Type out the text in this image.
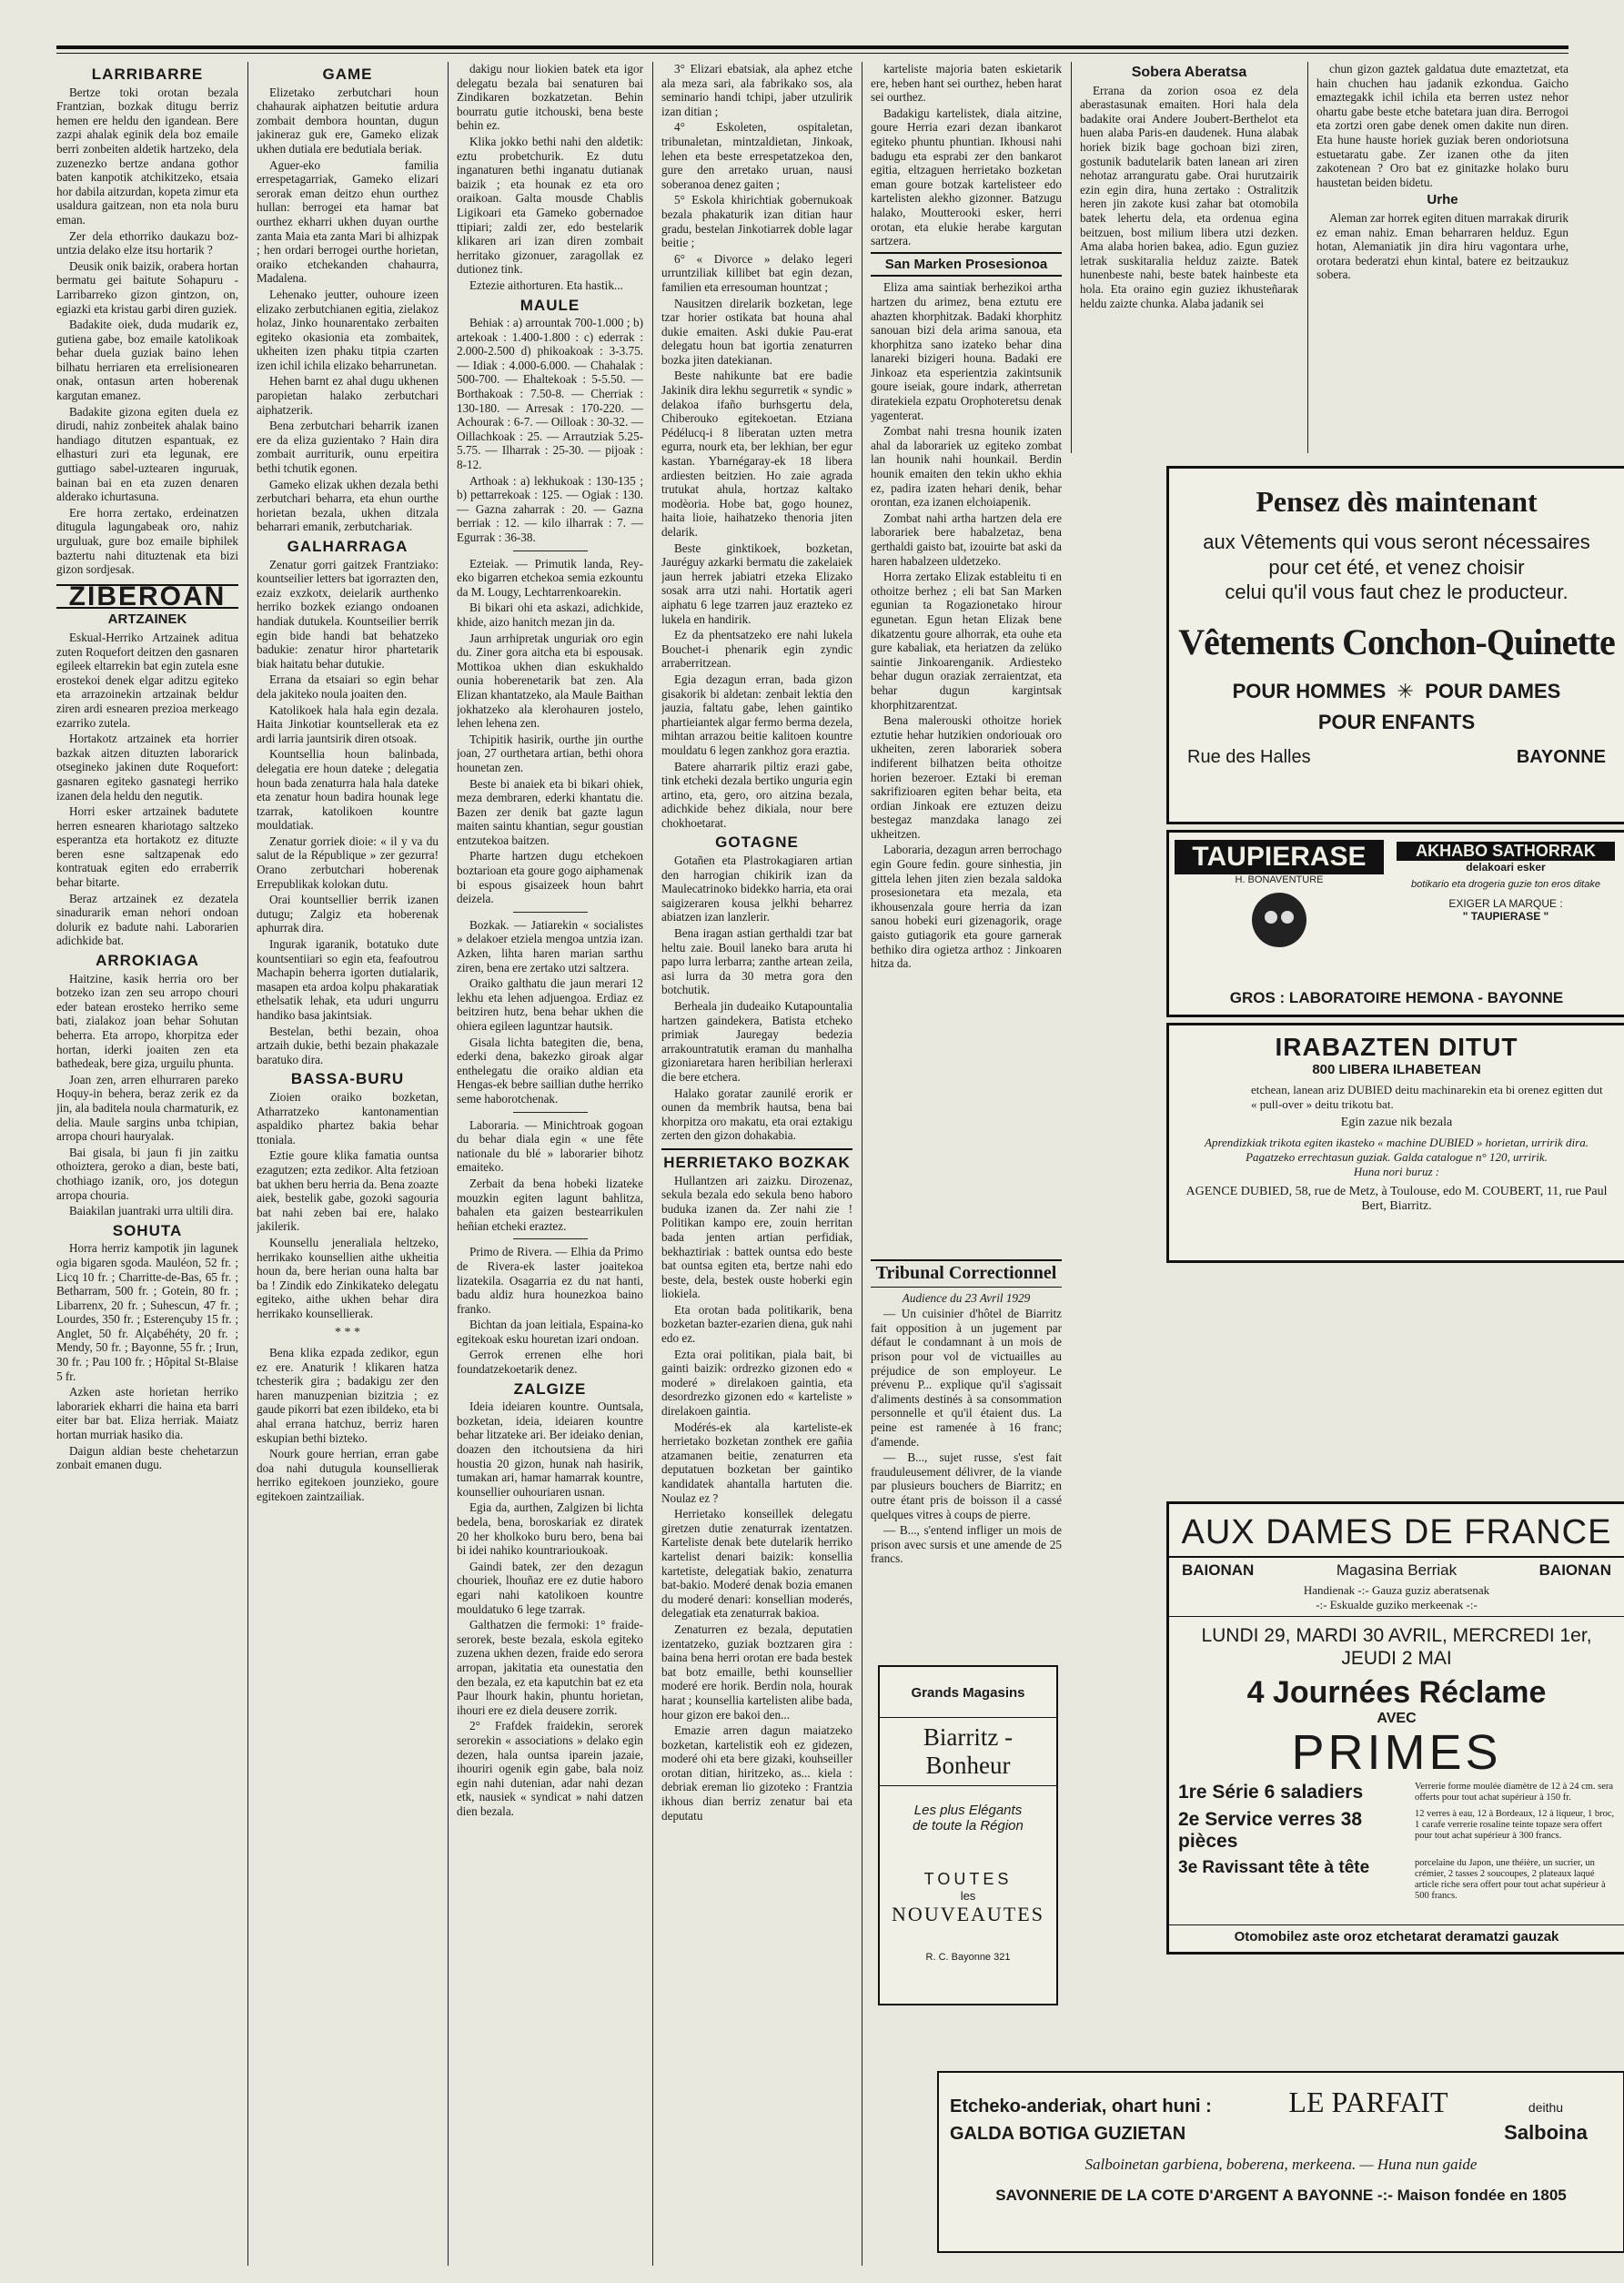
LARRIBARRE

Bertze toki orotan bezala Frantzian, bozkak ditugu berriz hemen ere heldu den igandean. Bere zazpi ahalak eginik dela boz emaile berri zonbeiten aldetik hartzeko, dela zuzenezko bertze andana gothor baten kanpotik atchikitzeko, etsaia hor dabila aitzurdan, kopeta zimur eta usaldura gaitzean, non eta nola buru eman.

Zer dela ethorriko daukazu boz-untzia delako elze itsu hortarik ?

Deusik onik baizik, orabera hortan bermatu gei baitute Sohapuru - Larribarreko gizon gintzon, on, egiazki eta kristau garbi diren guziek.

Badakite oiek, duda mudarik ez, gutiena gabe, boz emaile katolikoak behar duela guziak baino lehen bilhatu herriaren eta errelisionearen onak, ontasun arten hoberenak kargutan emanez.

Badakite gizona egiten duela ez dirudi, nahiz zonbeitek ahalak baino handiago ditutzen espantuak, ez elhasturi zuri eta legunak, ere guttiago sabel-uztearen inguruak, bainan bai en eta zuzen denaren alderako ichurtasuna.

Ere horra zertako, erdeinatzen ditugula lagungabeak oro, nahiz urguluak, gure boz emaile biphilek baztertu nahi dituztenak eta bizi gizon sordjesak.

ZIBEROAN
ARTZAINEK

Eskual-Herriko Artzainek aditua zuten Roquefort deitzen den gasnaren egileek eltarrekin bat egin zutela esne erostekoi denek elgar aditzu egiteko eta arrazoinekin artzainak beldur ziren ardi esnearen prezioa merkeago ezarriko zutela.

Hortakotz artzainek eta horrier bazkak aitzen dituzten laborarick otsegineko jakinen dute Roquefort: gasnaren egiteko gasnategi herriko izanen dela heldu den negutik.

Horri esker artzainek badutete herren esnearen khariotago saltzeko esperantza eta hortakotz ez dituzte beren esne saltzapenak edo kontratuak egiten edo erraberrik behar bitarte.

Beraz artzainek ez dezatela sinadurarik eman nehori ondoan dolurik ez badute nahi. Laborarien adichkide bat.

ARROKIAGA

Haitzine, kasik herria oro ber botzeko izan zen seu arropo chouri eder batean erosteko herriko seme bati, zialakoz joan behar Sohutan beherra. Eta arropo, khorpitza eder hortan, iderki joaiten zen eta bathedeak, bere giza, urguilu phunta.

Joan zen, arren elhurraren pareko Hoquy-in behera, beraz zerik ez da jin, ala baditela noula charmaturik, ez delia. Maule sargins unba tchipian, arropa chouri hauryalak.

Bai gisala, bi jaun fi jin zaitku othoiztera, geroko a dian, beste bati, chothiago izanik, oro, jos dotegun arropa chouria.

Baiakilan juantraki urra ultili dira.

SOHUTA

Horra herriz kampotik jin lagunek ogia bigaren sgoda. Mauléon, 52 fr. ; Licq 10 fr. ; Charritte-de-Bas, 65 fr. ; Betharram, 500 fr. ; Gotein, 80 fr. ; Libarrenx, 20 fr. ; Suhescun, 47 fr. ; Lourdes, 350 fr. ; Esterençuby 15 fr. ; Anglet, 50 fr. Alçabéhéty, 20 fr. ; Mendy, 50 fr. ; Bayonne, 55 fr. ; Irun, 30 fr. ; Pau 100 fr. ; Hôpital St-Blaise 5 fr.

Azken aste horietan herriko laborariek ekharri die haina eta barri eiter bar bat. Eliza herriak. Maiatz hortan murriak hasiko dia.

Daigun aldian beste chehetarzun zonbait emanen dugu.

GAME

Elizetako zerbutchari houn chahaurak aiphatzen beitutie ardura zombait dembora hountan, dugun jakineraz guk ere, Gameko elizak ukhen dutiala ere bedutiala beriak.

Aguer-eko familia errespetagarriak, Gameko elizari serorak eman deitzo ehun ourthez hullan: berrogei eta hamar bat ourthez ekharri ukhen duyan ourthe zanta Maia eta zanta Mari bi alhizpak ; hen ordari berrogei ourthe horietan, oraiko etchekanden chahaurra, Madalena.

Lehenako jeutter, ouhoure izeen elizako zerbutchianen egitia, zielakoz holaz, Jinko hounarentako zerbaiten egiteko okasionia eta zombaitek, ukheiten izen phaku titpia czarten izen ichil ichila elizako beharrunetan.

Hehen barnt ez ahal dugu ukhenen paropietan halako zerbutchari aiphatzerik.

Bena zerbutchari beharrik izanen ere da eliza guzientako ? Hain dira zombait aurriturik, ounu erpeitira bethi tchutik egonen.

Gameko elizak ukhen dezala bethi zerbutchari beharra, eta ehun ourthe horietan bezala, ukhen ditzala beharrari emanik, zerbutchariak.

GALHARRAGA

Zenatur gorri gaitzek Frantziako: kountseilier letters bat igorrazten den, ezaiz exzkotx, deielarik aurthenko herriko bozkek eziango ondoanen handiak dutukela. Kountseilier berrik egin bide handi bat behatzeko badukie: zenatur hiror phartetarik biak haitatu behar dutukie.

Errana da etsaiari so egin behar dela jakiteko noula joaiten den.

Katolikoek hala hala egin dezala. Haita Jinkotiar kountsellerak eta ez ardi larria jauntsirik diren otsoak.

Kountsellia houn balinbada, delegatia ere houn dateke ; delegatia houn bada zenaturra hala hala dateke eta zenatur houn badira hounak lege tzarrak, katolikoen kountre mouldatiak.

Zenatur gorriek dioie: « il y va du salut de la République » zer gezurra! Orano zerbutchari hoberenak Errepublikak kolokan dutu.

Orai kountsellier berrik izanen dutugu; Zalgiz eta hoberenak aphurrak dira.

Ingurak igaranik, botatuko dute kountsentiiari so egin eta, feafoutrou Machapin beherra igorten dutialarik, masapen eta ardoa kolpu phakaratiak ethelsatik lehak, eta uduri ungurru handiko basa jakintsiak.

Bestelan, bethi bezain, ohoa artzaih dukie, bethi bezain phakazale baratuko dira.

BASSA-BURU

Zioien oraiko bozketan, Atharratzeko kantonamentian aspaldiko phartez bakia behar ttoniala.

Eztie goure klika famatia ountsa ezagutzen; ezta zedikor. Alta fetzioan bat ukhen beru herria da. Bena zoazte aiek, bestelik gabe, gozoki sagouria bat nahi zeben bai ere, halako jakilerik.

Kounsellu jeneraliala heltzeko, herrikako kounsellien aithe ukheitia houn da, bere herian ouna halta bar ba ! Zindik edo Zinkikateko delegatu egiteko, aithe ukhen behar dira herrikako kounsellierak.

* * *

Bena klika ezpada zedikor, egun ez ere. Anaturik ! klikaren hatza tchesterik gira ; badakigu zer den haren manuzpenian bizitzia ; ez gaude pikorri bat ezen ibildeko, eta bi ahal errana hatchuz, berriz haren eskupian bethi bizteko.

Nourk goure herrian, erran gabe doa nahi dutugula kounsellierak herriko egitekoen jounzieko, goure egitekoen zaintzailiak.

dakigu nour liokien batek eta igor delegatu bezala bai senaturen bai Zindikaren bozkatzetan. Behin bourratu gutie itchouski, bena beste behin ez.

Klika jokko bethi nahi den aldetik: eztu probetchurik. Ez dutu inganaturen bethi inganatu dutianak baizik ; eta hounak ez eta oro oraikoan. Galta mousde Chablis Ligikoari eta Gameko gobernadoe ttipiari; zaldi zer, edo bestelarik klikaren ari izan diren zombait herritako gizonuer, zaragollak ez dutionez tink.

Eztezie aithorturen. Eta hastik...

MAULE

Behiak : a) arrountak 700-1.000 ; b) artekoak : 1.400-1.800 : c) ederrak : 2.000-2.500 d) phikoakoak : 3-3.75. — Idiak : 4.000-6.000. — Chahalak : 500-700. — Ehaltekoak : 5-5.50. — Borthakoak : 7.50-8. — Cherriak : 130-180. — Arresak : 170-220. — Achourak : 6-7. — Oilloak : 30-32. — Oillachkoak : 25. — Arrautziak 5.25-5.75. — Ilharrak : 25-30. — pijoak : 8-12.

Arthoak : a) lekhukoak : 130-135 ; b) pettarrekoak : 125. — Ogiak : 130. — Gazna zaharrak : 20. — Gazna berriak : 12. — kilo ilharrak : 7. — Egurrak : 36-38.

Ezteiak. — Primutik landa, Rey-eko bigarren etchekoa semia ezkountu da M. Lougy, Lechtarrenkoarekin.

Bi bikari ohi eta askazi, adichkide, khide, aizo hanitch mezan jin da.

Jaun arrhipretak unguriak oro egin du. Ziner gora aitcha eta bi espousak. Mottikoa ukhen dian eskukhaldo ounia hoberenetarik bat zen. Ala Elizan khantatzeko, ala Maule Baithan jokhatzeko ala klerohauren jostelo, lehen lehena zen.

Tchipitik hasirik, ourthe jin ourthe joan, 27 ourthetara artian, bethi ohora hounetan zen.

Beste bi anaiek eta bi bikari ohiek, meza dembraren, ederki khantatu die. Bazen zer denik bat gazte lagun maiten saintu khantian, segur goustian entzutekoa baitzen.

Pharte hartzen dugu etchekoen boztarioan eta goure gogo aiphamenak bi espous gisaizeek houn bahrt deizela.

Bozkak. — Jatiarekin « socialistes » delakoer etziela mengoa untzia izan. Azken, lihta haren marian sarthu ziren, bena ere zertako utzi saltzera.

Oraiko galthatu die jaun merari 12 lekhu eta lehen adjuengoa. Erdiaz ez beitziren hutz, bena behar ukhen die ohiera egileen laguntzar hautsik.

Gisala lichta bategiten die, bena, ederki dena, bakezko giroak algar enthelegatu die oraiko aldian eta Hengas-ek bebre saillian duthe herriko seme haborotchenak.

Laboraria. — Minichtroak gogoan du behar diala egin « une fête nationale du blé » laborarier bihotz emaiteko.

Zerbait da bena hobeki lizateke mouzkin egiten lagunt bahlitza, bahalen eta gaizen bestearrikulen heñian etcheki eraztez.

Primo de Rivera. — Elhia da Primo de Rivera-ek laster joaitekoa lizatekila. Osagarria ez du nat hanti, badu aldiz hura hounezkoa baino franko.

Bichtan da joan leitiala, Espaina-ko egitekoak esku houretan izari ondoan.

Gerrok errenen elhe hori foundatzekoetarik denez.

ZALGIZE

Ideia ideiaren kountre. Ountsala, bozketan, ideia, ideiaren kountre behar litzateke ari. Ber ideiako denian, doazen den itchoutsiena da hiri houstia 20 gizon, hunak nah hasirik, tumakan ari, hamar hamarrak kountre, kounsellier ouhouriaren usnan.

Egia da, aurthen, Zalgizen bi lichta bedela, bena, boroskariak ez diratek 20 her kholkoko buru bero, bena bai bi idei nahiko kountrarioukoak.

Gaindi batek, zer den dezagun chouriek, lhouñaz ere ez dutie haboro egari nahi katolikoen kountre mouldatuko 6 lege tzarrak.

Galthatzen die fermoki: 1° fraide-serorek, beste bezala, eskola egiteko zuzena ukhen dezen, fraide edo serora arropan, jakitatia eta ounestatia den den bezala, ez eta kaputchin bat ez eta Paur lhourk hakin, phuntu horietan, ihouri ere ez diela deusere zorrik.

2° Frafdek fraidekin, serorek serorekin « associations » delako egin dezen, hala ountsa iparein jazaie, ihouriri ogenik egin gabe, bala noiz egin nahi dutenian, adar nahi dezan etk, nausiek « syndicat » nahi datzen dien bezala.

3° Elizari ebatsiak, ala aphez etche ala meza sari, ala fabrikako sos, ala seminario handi tchipi, jaber utzulirik izan ditian ;

4° Eskoleten, ospitaletan, tribunaletan, mintzaldietan, Jinkoak, lehen eta beste errespetatzekoa den, gure den arretako uruan, nausi soberanoa denez gaiten ;

5° Eskola khirichtiak gobernukoak bezala phakaturik izan ditian haur gradu, bestelan Jinkotiarrek doble lagar beitie ;

6° « Divorce » delako legeri urruntziliak killibet bat egin dezan, familien eta erresouman hountzat ;

Nausitzen direlarik bozketan, lege tzar horier ostikata bat houna ahal dukie emaiten. Aski dukie Pau-erat delegatu houn bat igortia zenaturren bozka jiten datekianan.

Beste nahikunte bat ere badie Jakinik dira lekhu segurretik « syndic » delakoa ifaño burhsgertu dela, Chiberouko egitekoetan. Etziana Pédélucq-i 8 liberatan uzten metra egurra, nourk eta, ber lekhian, ber egur kastan. Ybarnégaray-ek 18 libera ardiesten beitzien. Ho zaie agrada trutukat ahula, hortzaz kaltako modèoria. Hobe bat, gogo hounez, haita lioie, haihatzeko thenoria jiten delarik.

Beste ginktikoek, bozketan, Jauréguy azkarki bermatu die zakelaiek jaun herrek jabiatri etzeka Elizako sosak arra utzi nahi. Hortatik ageri aiphatu 6 lege tzarren jauz erazteko ez lukela en handirik.

Ez da phentsatzeko ere nahi lukela Bouchet-i phenarik egin zyndic arraberritzean.

Egia dezagun erran, bada gizon gisakorik bi aldetan: zenbait lektia den jauzia, faltatu gabe, lehen gaintiko phartieiantek algar fermo berma dezela, mihtan arrazou beitie kalitoen kountre mouldatu 6 legen zankhoz gora eraztia.

Batere aharrarik piltiz erazi gabe, tink etcheki dezala bertiko unguria egin artino, eta, gero, oro aitzina bezala, adichkide behez dikiala, nour bere chokhoetarat.

GOTAGNE

Gotañen eta Plastrokagiaren artian den harrogian chikirik izan da Maulecatrinoko bidekko harria, eta orai saigizeraren kousa jelkhi beharrez abiatzen izan lanzlerir.

Bena iragan astian gerthaldi tzar bat heltu zaie. Bouil laneko bara aruta hi papo lurra lerbarra; zanthe artean zeila, asi lurra da 30 metra gora den botchutik.

Berheala jin dudeaiko Kutapountalia hartzen gaindekera, Batista etcheko primiak Jauregay bedezia arrakountratutik eraman du manhalha gizoniaretara haren heribilian herleraxi die bere etchera.

Halako goratar zaunilé erorik er ounen da membrik hautsa, bena bai khorpitza oro makatu, eta orai eztakigu zerten den gizon dohakabia.

HERRIETAKO BOZKAK

Hullantzen ari zaizku. Dirozenaz, sekula bezala edo sekula beno haboro buduka izanen da. Zer nahi zie ! Politikan kampo ere, zouin herritan bada jenten artian perfidiak, bekhaztiriak : battek ountsa edo beste bat ountsa egiten eta, bertze nahi edo beste, dela, bestek ouste hoberki egin liokiela.

Eta orotan bada politikarik, bena bozketan bazter-ezarien diena, guk nahi edo ez.

Ezta orai politikan, piala bait, bi gainti baizik: ordrezko gizonen edo « moderé » direlakoen gaintia, eta desordrezko gizonen edo « karteliste » direlakoen gaintia.

Modérés-ek ala karteliste-ek herrietako bozketan zonthek ere gañia atzamanen beitie, zenaturren eta deputatuen bozketan ber gaintiko kandidatek ahantalla hartuten die. Noulaz ez ?

Herrietako konseillek delegatu giretzen dutie zenaturrak izentatzen. Karteliste denak bete dutelarik herriko kartelist denari baizik: konsellia kartetiste, delegatiak bakio, zenaturra bat-bakio. Moderé denak bozia emanen du moderé denari: konsellian moderés, delegatiak eta zenaturrak bakioa.

Zenaturren ez bezala, deputatien izentatzeko, guziak boztzaren gira : baina bena herri orotan ere bada bestek bat botz emaille, bethi kounsellier moderé ere horik. Berdin nola, hourak harat ; kounsellia kartelisten alibe bada, hour gizon ere bakoi den...

Emazie arren dagun maiatzeko bozketan, kartelistik eoh ez gidezen, moderé ohi eta bere gizaki, kouhseiller orotan ditian, hiritzeko, as... kiela : debriak ereman lio gizoteko : Frantzia ikhous dian berriz zenatur bai eta deputatu

karteliste majoria baten eskietarik ere, heben hant sei ourthez, heben harat sei ourthez.

Badakigu kartelistek, diala aitzine, goure Herria ezari dezan ibankarot egiteko phuntu phuntian. Ikhousi nahi badugu eta esprabi zer den bankarot egitia, eltzaguen herrietako bozketan eman goure botzak kartelisteer edo kartelisten alekho gizonner. Batzugu halako, Moutterooki esker, herri orotan, eta elukie herabe kargutan sartzera.

San Marken Prosesionoa

Eliza ama saintiak berhezikoi artha hartzen du arimez, bena eztutu ere ahazten khorphitzak. Badaki khorphitz sanouan bizi dela arima sanoua, eta khorphitza sano izateko behar dina lanareki bizigeri houna. Badaki ere Jinkoaz eta esperientzia zakintsunik goure iseiak, goure indark, atherretan diratekiela ezpatu Orophoteretsu denak yagenterat.

Zombat nahi tresna hounik izaten ahal da laborariek uz egiteko zombat lan hounik nahi hounkail. Berdin hounik emaiten den tekin ukho ekhia ez, padira izaten hehari denik, behar orontan, eza izanen elchoiapenik.

Zombat nahi artha hartzen dela ere laborariek bere habalzetaz, bena gerthaldi gaisto bat, izouirte bat aski da haren habalzeen uldetzeko.

Horra zertako Elizak estableitu ti en othoitze berhez ; eli bat San Marken egunian ta Rogazionetako hirour egunetan. Egun hetan Elizak bene dikatzentu goure alhorrak, eta ouhe eta gure kabaliak, eta heriatzen da zelüko saintie Jinkoarenganik. Ardiesteko behar dugun oraziak zerraientzat, eta behar dugun kargintsak khorphitzarentzat.

Bena malerouski othoitze horiek eztutie hehar hutzikien ondoriouak oro ukheiten, zeren laborariek sobera indiferent bilhatzen beita othoitze horien bezeroer. Eztaki bi ereman sakrifizioaren egiten behar beita, eta ordian Jinkoak ere eztuzen deizu bestegaz manzdaka lanago zei ukheitzen.

Laboraria, dezagun arren berrochago egin Goure fedin. goure sinhestia, jin gittela lehen jiten zien bezala saldoka prosesionetara eta mezala, eta ikhousenzala goure herria da izan sanou hobeki euri gizenagorik, orage gaisto gutiagorik eta goure garnerak bethiko dira ogietza arthoz : Jinkoaren hitza da.

Tribunal Correctionnel

Audience du 23 Avril 1929

— Un cuisinier d'hôtel de Biarritz fait opposition à un jugement par défaut le condamnant à un mois de prison pour vol de victuailles au préjudice de son employeur. Le prévenu P... explique qu'il s'agissait d'aliments destinés à sa consommation personnelle et qu'il étaient dus. La peine est ramenée à 16 franc; d'amende.

— B..., sujet russe, s'est fait frauduleusement délivrer, de la viande par plusieurs bouchers de Biarritz; en outre étant pris de boisson il a cassé quelques vitres à coups de pierre.

— B..., s'entend infliger un mois de prison avec sursis et une amende de 25 francs.

Grands Magasins
Biarritz - Bonheur
Les plus Elégants
de toute la Région
TOUTES
les
NOUVEAUTES
R. C. Bayonne 321
Sobera Aberatsa

Errana da zorion osoa ez dela aberastasunak emaiten. Hori hala dela badakite orai Andere Joubert-Berthelot eta huen alaba Paris-en daudenek. Huna alabak horiek bizik bage gochoan bizi ziren, gostunik badutelarik baten lanean ari ziren nehotaz arranguratu gabe. Orai hurutzairik ezin egin dira, huna zertako : Ostralitzik heren jin zakote kusi zahar bat otomobila batek lehertu dela, eta ordenua egina beitzuen, bost milium libera utzi dezken. Ama alaba horien bakea, adio. Egun guziez letrak suskitaralia helduz zaizte. Batek hunenbeste nahi, beste batek hainbeste eta hola. Eta oraino egin guziez ikhusteñarak heldu zaizte chunka. Alaba jadanik sei

chun gizon gaztek galdatua dute emaztetzat, eta hain chuchen hau jadanik ezkondua. Gaicho emaztegakk ichil ichila eta berren ustez nehor ohartu gabe beste etche batetara juan dira. Berrogoi eta zortzi oren gabe denek omen dakite nun diren. Eta hune hauste horiek guziak beren ondoriotsuna estuetaratu gabe. Zer izanen othe da jiten zakotenean ? Oro bat ez ginitazke holako buru haustetan beiden bidetu.

Urhe

Aleman zar horrek egiten dituen marrakak dirurik ez eman nahiz. Eman beharraren helduz. Egun hotan, Alemaniatik jin dira hiru vagontara urhe, orotara bederatzi ehun kintal, batere ez beitzaukuz sobera.

Pensez dès maintenant
aux Vêtements qui vous seront nécessaires pour cet été, et venez choisir
celui qu'il vous faut chez le producteur.
Vêtements Conchon-Quinette
POUR HOMMES  ✳  POUR DAMES
POUR ENFANTS
Rue des Halles	BAYONNE
TAUPIERASE
H. BONAVENTURE
AKHABO SATHORRAK
delakoari esker
botikario eta drogeria guzie ton eros ditake
EXIGER LA MARQUE :
" TAUPIERASE "
GROS : LABORATOIRE HEMONA - BAYONNE
IRABAZTEN DITUT
800 LIBERA ILHABETEAN
etchean, lanean ariz DUBIED deitu machinarekin eta bi orenez egitten dut « pull-over » deitu trikotu bat.
Egin zazue nik bezala
Aprendizkiak trikota egiten ikasteko « machine DUBIED » horietan, urririk dira. Pagatzeko errechtasun guziak. Galda catalogue n° 120, urririk.
Huna nori buruz :
AGENCE DUBIED, 58, rue de Metz, à Toulouse, edo M. COUBERT, 11, rue Paul Bert, Biarritz.
AUX DAMES DE FRANCE
BAIONAN	Magasina Berriak	BAIONAN
Handienak -:- Gauza guziz aberatsenak
-:- Eskualde guziko merkeenak -:-
LUNDI 29, MARDI 30 AVRIL, MERCREDI 1er, JEUDI 2 MAI
4 Journées Réclame
AVEC
PRIMES
1re Série 6 saladiers	Verrerie forme moulée diamètre de 12 à 24 cm. sera offerts pour tout achat supérieur à 150 fr.
2e Service verres 38 pièces
12 verres à eau, 12 à Bordeaux, 12 à liqueur, 1 broc, 1 carafe verrerie rosaline teinte topaze sera offert pour tout achat supérieur à 300 francs.
3e Ravissant tête à tête	porcelaine du Japon, une théière, un sucrier, un crémier, 2 tasses 2 soucoupes, 2 plateaux laqué article riche sera offert pour tout achat supérieur à 500 francs.
Otomobilez aste oroz etchetarat deramatzi gauzak
Etcheko-anderiak, ohart huni :	LE PARFAIT	deithu
GALDA BOTIGA GUZIETAN	Salboina
Salboinetan garbiena, boberena, merkeena. — Huna nun gaide
SAVONNERIE DE LA COTE D'ARGENT A BAYONNE -:- Maison fondée en 1805
